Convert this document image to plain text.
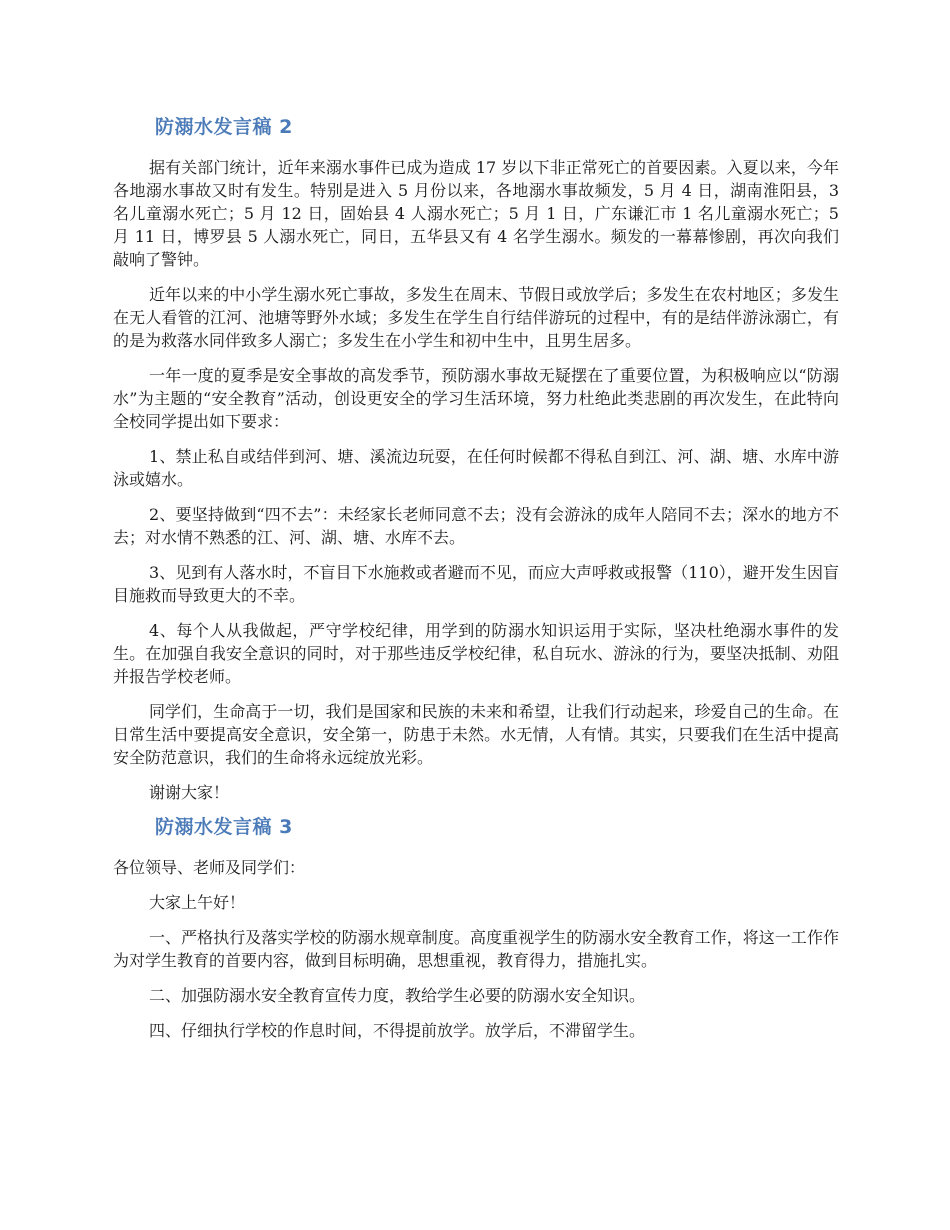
防溺水发言稿 2

据有关部门统计，近年来溺水事件已成为造成 17 岁以下非正常死亡的首要因素。入夏以来，今年各地溺水事故又时有发生。特别是进入 5 月份以来，各地溺水事故频发，5 月 4 日，湖南淮阳县，3 名儿童溺水死亡；5 月 12 日，固始县 4 人溺水死亡；5 月 1 日，广东谦汇市 1 名儿童溺水死亡；5 月 11 日，博罗县 5 人溺水死亡，同日，五华县又有 4 名学生溺水。频发的一幕幕惨剧，再次向我们敲响了警钟。

近年以来的中小学生溺水死亡事故，多发生在周末、节假日或放学后；多发生在农村地区；多发生在无人看管的江河、池塘等野外水域；多发生在学生自行结伴游玩的过程中，有的是结伴游泳溺亡，有的是为救落水同伴致多人溺亡；多发生在小学生和初中生中，且男生居多。

一年一度的夏季是安全事故的高发季节，预防溺水事故无疑摆在了重要位置，为积极响应以“防溺水”为主题的“安全教育”活动，创设更安全的学习生活环境，努力杜绝此类悲剧的再次发生，在此特向全校同学提出如下要求：

1、禁止私自或结伴到河、塘、溪流边玩耍，在任何时候都不得私自到江、河、湖、塘、水库中游泳或嬉水。

2、要坚持做到“四不去”：未经家长老师同意不去；没有会游泳的成年人陪同不去；深水的地方不去；对水情不熟悉的江、河、湖、塘、水库不去。

3、见到有人落水时，不盲目下水施救或者避而不见，而应大声呼救或报警（110），避开发生因盲目施救而导致更大的不幸。

4、每个人从我做起，严守学校纪律，用学到的防溺水知识运用于实际，坚决杜绝溺水事件的发生。在加强自我安全意识的同时，对于那些违反学校纪律，私自玩水、游泳的行为，要坚决抵制、劝阻并报告学校老师。

同学们，生命高于一切，我们是国家和民族的未来和希望，让我们行动起来，珍爱自己的生命。在日常生活中要提高安全意识，安全第一，防患于未然。水无情，人有情。其实，只要我们在生活中提高安全防范意识，我们的生命将永远绽放光彩。

谢谢大家！

防溺水发言稿 3

各位领导、老师及同学们：

大家上午好！

一、严格执行及落实学校的防溺水规章制度。高度重视学生的防溺水安全教育工作，将这一工作作为对学生教育的首要内容，做到目标明确，思想重视，教育得力，措施扎实。

二、加强防溺水安全教育宣传力度，教给学生必要的防溺水安全知识。

四、仔细执行学校的作息时间，不得提前放学。放学后，不滞留学生。
